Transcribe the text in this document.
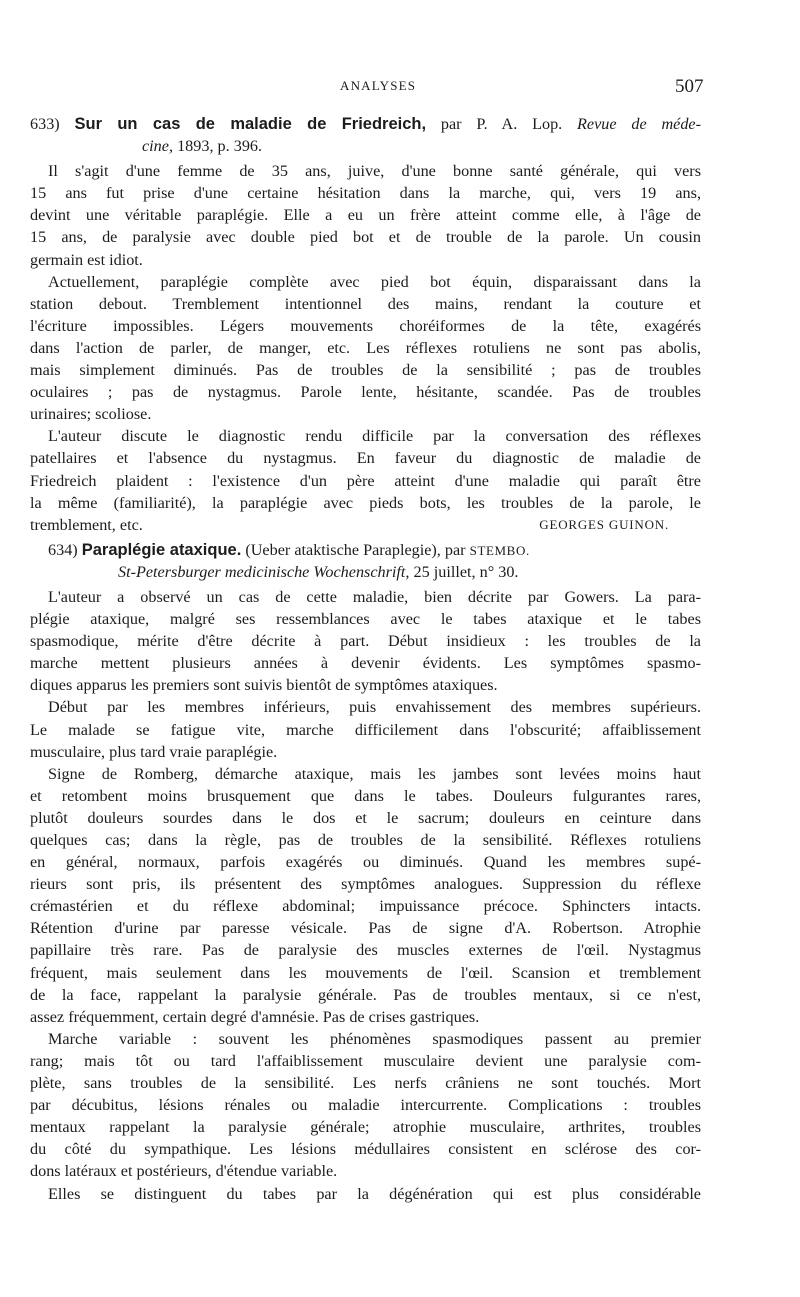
ANALYSES	507
633) Sur un cas de maladie de Friedreich, par P. A. Lop. Revue de méde-
cine, 1893, p. 396.
Il s'agit d'une femme de 35 ans, juive, d'une bonne santé générale, qui vers
15 ans fut prise d'une certaine hésitation dans la marche, qui, vers 19 ans,
devint une véritable paraplégie. Elle a eu un frère atteint comme elle, à l'âge de
15 ans, de paralysie avec double pied bot et de trouble de la parole. Un cousin
germain est idiot.
Actuellement, paraplégie complète avec pied bot équin, disparaissant dans la
station debout. Tremblement intentionnel des mains, rendant la couture et
l'écriture impossibles. Légers mouvements choréiformes de la tête, exagérés
dans l'action de parler, de manger, etc. Les réflexes rotuliens ne sont pas abolis,
mais simplement diminués. Pas de troubles de la sensibilité ; pas de troubles
oculaires ; pas de nystagmus. Parole lente, hésitante, scandée. Pas de troubles
urinaires; scoliose.
L'auteur discute le diagnostic rendu difficile par la conversation des réflexes
patellaires et l'absence du nystagmus. En faveur du diagnostic de maladie de
Friedreich plaident : l'existence d'un père atteint d'une maladie qui paraît être
la même (familiarité), la paraplégie avec pieds bots, les troubles de la parole, le
tremblement, etc.	GEORGES GUINON.
634) Paraplégie ataxique. (Ueber ataktische Paraplegie), par STEMBO.
St-Petersburger medicinische Wochenschrift, 25 juillet, n° 30.
L'auteur a observé un cas de cette maladie, bien décrite par Gowers. La para-
plégie ataxique, malgré ses ressemblances avec le tabes ataxique et le tabes
spasmodique, mérite d'être décrite à part. Début insidieux : les troubles de la
marche mettent plusieurs années à devenir évidents. Les symptômes spasmo-
diques apparus les premiers sont suivis bientôt de symptômes ataxiques.
Début par les membres inférieurs, puis envahissement des membres supérieurs.
Le malade se fatigue vite, marche difficilement dans l'obscurité; affaiblissement
musculaire, plus tard vraie paraplégie.
Signe de Romberg, démarche ataxique, mais les jambes sont levées moins haut
et retombent moins brusquement que dans le tabes. Douleurs fulgurantes rares,
plutôt douleurs sourdes dans le dos et le sacrum; douleurs en ceinture dans
quelques cas; dans la règle, pas de troubles de la sensibilité. Réflexes rotuliens
en général, normaux, parfois exagérés ou diminués. Quand les membres supé-
rieurs sont pris, ils présentent des symptômes analogues. Suppression du réflexe
crémastérien et du réflexe abdominal; impuissance précoce. Sphincters intacts.
Rétention d'urine par paresse vésicale. Pas de signe d'A. Robertson. Atrophie
papillaire très rare. Pas de paralysie des muscles externes de l'œil. Nystagmus
fréquent, mais seulement dans les mouvements de l'œil. Scansion et tremblement
de la face, rappelant la paralysie générale. Pas de troubles mentaux, si ce n'est,
assez fréquemment, certain degré d'amnésie. Pas de crises gastriques.
Marche variable : souvent les phénomènes spasmodiques passent au premier
rang; mais tôt ou tard l'affaiblissement musculaire devient une paralysie com-
plète, sans troubles de la sensibilité. Les nerfs crâniens ne sont touchés. Mort
par décubitus, lésions rénales ou maladie intercurrente. Complications : troubles
mentaux rappelant la paralysie générale; atrophie musculaire, arthrites, troubles
du côté du sympathique. Les lésions médullaires consistent en sclérose des cor-
dons latéraux et postérieurs, d'étendue variable.
Elles se distinguent du tabes par la dégénération qui est plus considérable
